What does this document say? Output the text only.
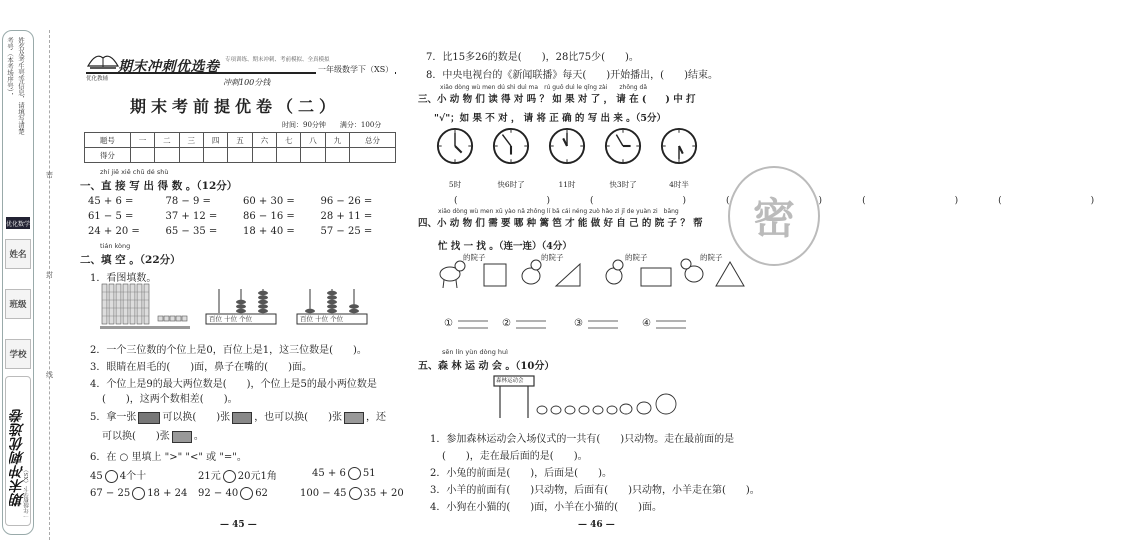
考号（本考场序号）， 姓名及考生号等信息，请填写清楚
优化数学
姓名
班级
学校
期末冲刺优选卷
一年级数学下（XS）
密
封
线
优化教辅
期末冲刺优选卷 专项训练、期末冲刺、考前模拟、全真模拟
一年级数学下（XS）
冲刺100分钱
期末考前提优卷（二）
时间：90分钟　　满分：100分
题号	一	二	三	四	五	六	七	八	九	总分
得分										
zhí jiē xiě chū dé shù
一、直 接 写 出 得 数 。（12分）
45 + 6 =	78 − 9 =	60 + 30 =	96 − 26 =
61 − 5 =	37 + 12 =	86 − 16 =	28 + 11 =
24 + 20 =	65 − 35 =	18 + 40 =	57 − 25 =
tián kòng
二、填 空 。（22分）
1．看图填数。
百位 十位 个位	百位 十位 个位
2．一个三位数的个位上是0，百位上是1，这三位数是(　　)。
3．眼睛在眉毛的(　　)面，鼻子在嘴的(　　)面。
4．个位上是9的最大两位数是(　　)，个位上是5的最小两位数是
(　　)，这两个数相差(　　)。
5．拿一张	可以换(　　)张 ，也可以换(　　)张 ，还
可以换(　　)张 。
6．在 ○ 里填上 ">" "<" 或 "="。
45 4个十	21元 20元1角	45 + 6 51
67 − 25 18 + 24 92 − 40 62	100 − 45 35 + 20
— 45 —
7．比15多26的数是(　　)，28比75少(　　)。
8．中央电视台的《新闻联播》每天(　　)开始播出，(　　)结束。
xiǎo dòng wù men dú shì duì ma　rú guǒ duì le qǐng zài　　zhōng dǎ
三、小 动 物 们 读 得 对 吗 ？ 如 果 对 了 ， 请 在 (　　) 中 打
"√"；如 果 不 对 ， 请 将 正 确 的 写 出 来 。（5分）
5时	快6时了	11时	快3时了	4时半
(　)(　)(　)(　)(　)
xiǎo dòng wù men xū yào nǎ zhǒng lí bā cái néng zuò hǎo zì jǐ de yuàn zi　bāng
四、小 动 物 们 需 要 哪 种 篱 笆 才 能 做 好 自 己 的 院 子 ？ 帮
忙 找 一 找 。（连一连）（4分）
的院子	的院子	的院子	的院子
①	②	③	④
sēn lín yùn dòng huì
五、森 林 运 动 会 。（10分）
森林运动会
1．参加森林运动会入场仪式的一共有(　　)只动物。走在最前面的是
(　　)，走在最后面的是(　　)。
2．小兔的前面是(　　)，后面是(　　)。
3．小羊的前面有(　　)只动物，后面有(　　)只动物，小羊走在第(　　)。
4．小狗在小猫的(　　)面，小羊在小猫的(　　)面。
密
— 46 —
